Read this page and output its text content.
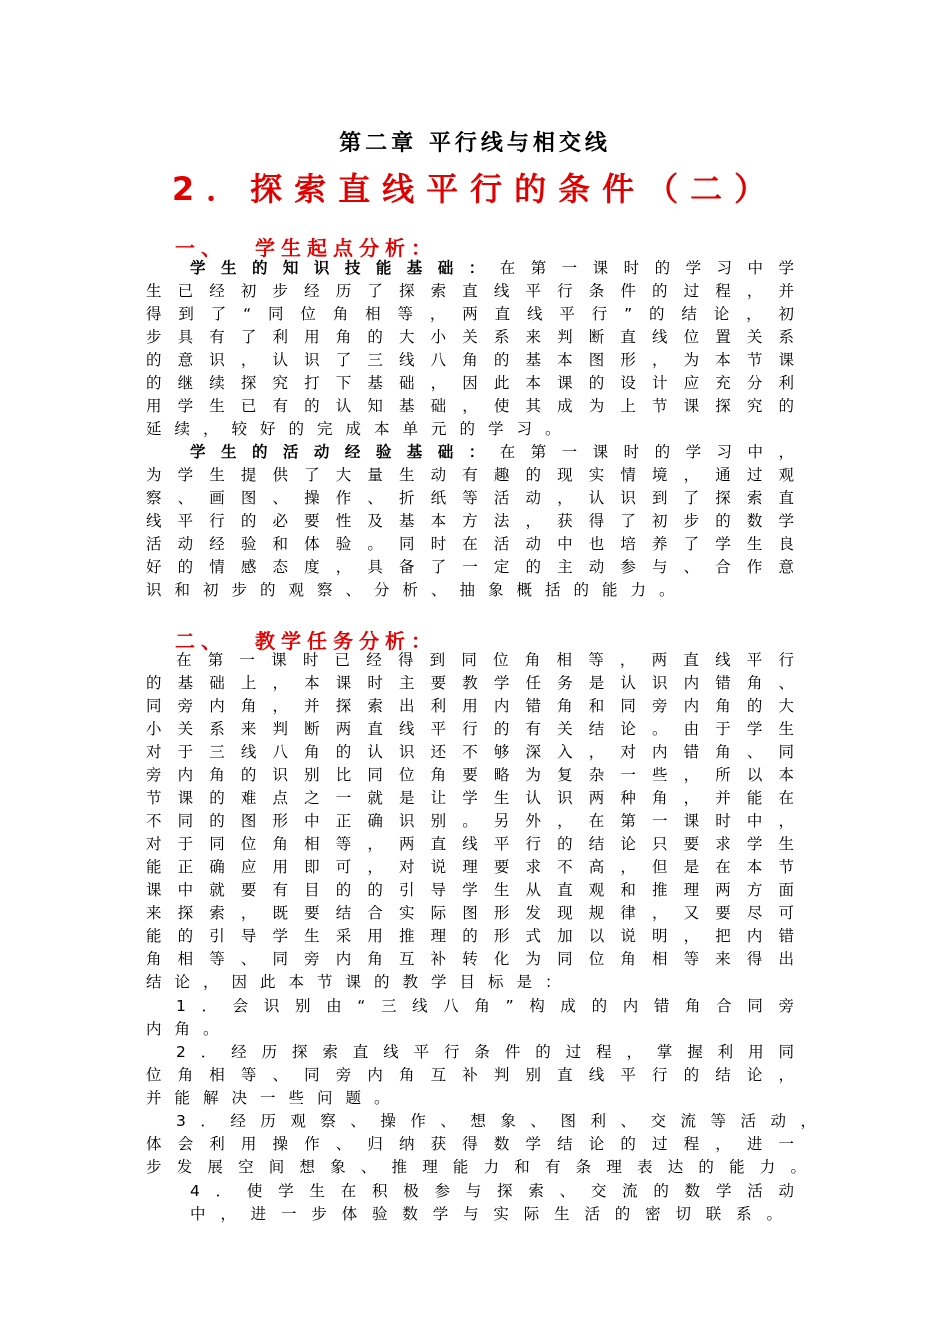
第二章 平行线与相交线
2．探索直线平行的条件（二）
一、 学生起点分析：
学生的知识技能基础：在第一课时的学习中学
生已经初步经历了探索直线平行条件的过程，并
得到了“同位角相等，两直线平行”的结论，初
步具有了利用角的大小关系来判断直线位置关系
的意识，认识了三线八角的基本图形，为本节课
的继续探究打下基础，因此本课的设计应充分利
用学生已有的认知基础，使其成为上节课探究的
延续，较好的完成本单元的学习。
学生的活动经验基础：在第一课时的学习中，
为学生提供了大量生动有趣的现实情境，通过观
察、画图、操作、折纸等活动，认识到了探索直
线平行的必要性及基本方法，获得了初步的数学
活动经验和体验。同时在活动中也培养了学生良
好的情感态度，具备了一定的主动参与、合作意
识和初步的观察、分析、抽象概括的能力。
二、 教学任务分析：
在第一课时已经得到同位角相等，两直线平行
的基础上，本课时主要教学任务是认识内错角、
同旁内角，并探索出利用内错角和同旁内角的大
小关系来判断两直线平行的有关结论。由于学生
对于三线八角的认识还不够深入，对内错角、同
旁内角的识别比同位角要略为复杂一些，所以本
节课的难点之一就是让学生认识两种角，并能在
不同的图形中正确识别。另外，在第一课时中，
对于同位角相等，两直线平行的结论只要求学生
能正确应用即可，对说理要求不高，但是在本节
课中就要有目的的引导学生从直观和推理两方面
来探索，既要结合实际图形发现规律，又要尽可
能的引导学生采用推理的形式加以说明，把内错
角相等、同旁内角互补转化为同位角相等来得出
结论，因此本节课的教学目标是：
1．会识别由“三线八角”构成的内错角合同旁
内角。
2．经历探索直线平行条件的过程，掌握利用同
位角相等、同旁内角互补判别直线平行的结论，
并能解决一些问题。
3．经历观察、操作、想象、图利、交流等活动，
体会利用操作、归纳获得数学结论的过程，进一
步发展空间想象、推理能力和有条理表达的能力。
4．使学生在积极参与探索、交流的数学活动
中，进一步体验数学与实际生活的密切联系。
